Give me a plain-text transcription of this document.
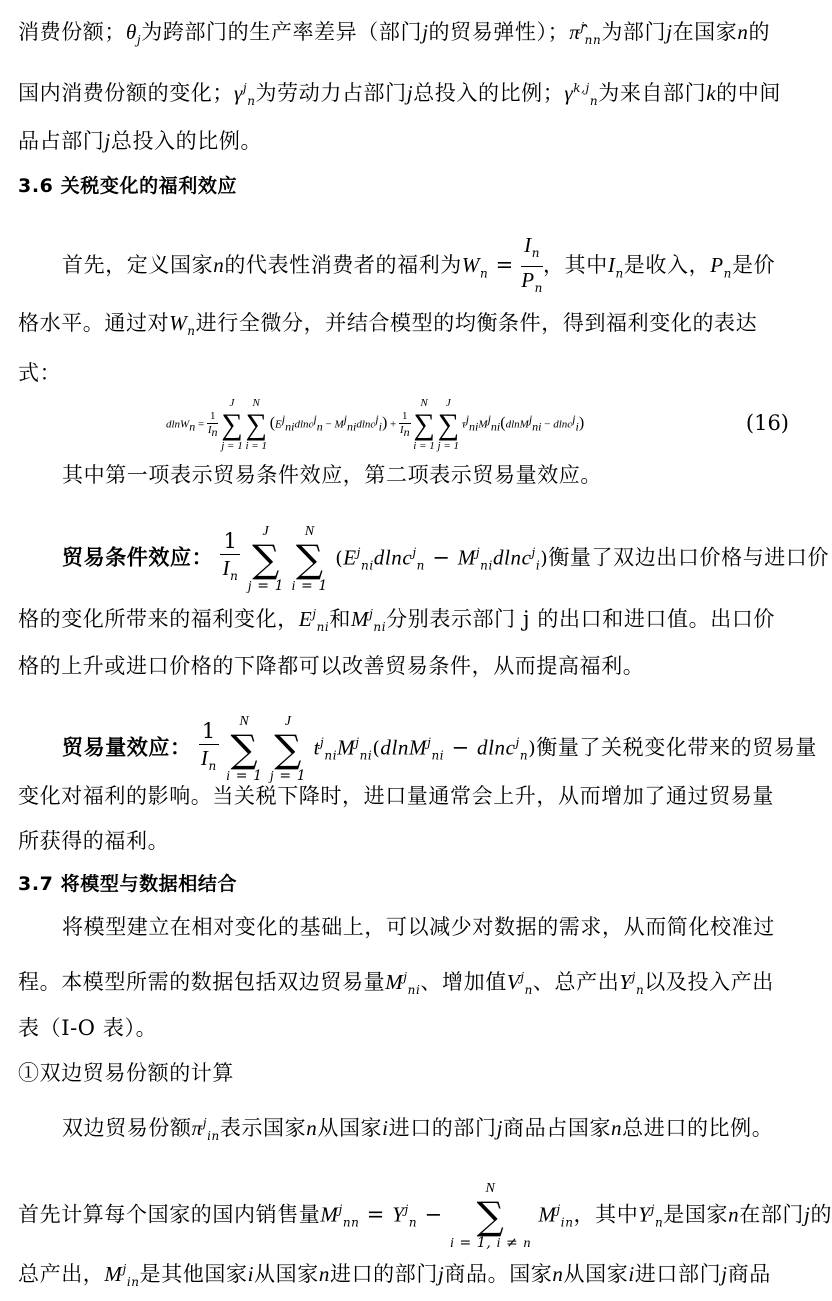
消费份额；$\theta_j$为跨部门的生产率差异（部门j的贸易弹性）；π̂$^j_{nn}$为部门j在国家n的
国内消费份额的变化；$\gamma^j_n$为劳动力占部门j总投入的比例；$\gamma^{k,j}_n$为来自部门k的中间
品占部门j总投入的比例。
3.6 关税变化的福利效应
首先，定义国家n的代表性消费者的福利为$W_n = \frac{I_n}{P_n}$ ，其中$I_n$是收入，$P_n$是价
格水平。通过对$W_n$进行全微分，并结合模型的均衡条件，得到福利变化的表达
式：
$dlnW_n = \frac{1}{I_n}$
J
∑
j = 1 N
∑
i = 1 $(E^j_{ni}dlnc^j_n - M^j_{ni}dlnc^j_i) + \frac{1}{I_n}$
N
∑
i = 1 J
∑
j = 1 $\tau^j_{ni}M^j_{ni}(dlnM^j_{ni} - dlnc^j_i)$	(16)
其中第一项表示贸易条件效应，第二项表示贸易量效应。
贸易条件效应： $\frac{1}{I_n}$ J
∑
j = 1 N
∑
i = 1 $(E^j_{ni}dlnc^j_n - M^j_{ni}dlnc^j_i)$衡量了双边出口价格与进口价
格的变化所带来的福利变化，$E^j_{ni}$和$M^j_{ni}$分别表示部门 j 的出口和进口值。出口价
格的上升或进口价格的下降都可以改善贸易条件，从而提高福利。
贸易量效应： $\frac{1}{I_n}$ N
∑
i = 1 J
∑
j = 1 $t^j_{ni}M^j_{ni}(dlnM^j_{ni} - dlnc^j_n)$衡量了关税变化带来的贸易量
变化对福利的影响。当关税下降时，进口量通常会上升，从而增加了通过贸易量
所获得的福利。
3.7 将模型与数据相结合
将模型建立在相对变化的基础上，可以减少对数据的需求，从而简化校准过
程。本模型所需的数据包括双边贸易量$M^j_{ni}$、增加值$V^j_n$、总产出$Y^j_n$以及投入产出
表（I-O 表）。
①双边贸易份额的计算
双边贸易份额$\pi^j_{in}$表示国家n从国家i进口的部门j商品占国家n总进口的比例。
首先计算每个国家的国内销售量$M^j_{nn} = Y^j_n - N$
∑
i = 1, i ≠ n $M^j_{in}$，其中$Y^j_n$是国家n在部门j的
总产出，$M^j_{in}$是其他国家i从国家n进口的部门j商品。国家n从国家i进口部门j商品
